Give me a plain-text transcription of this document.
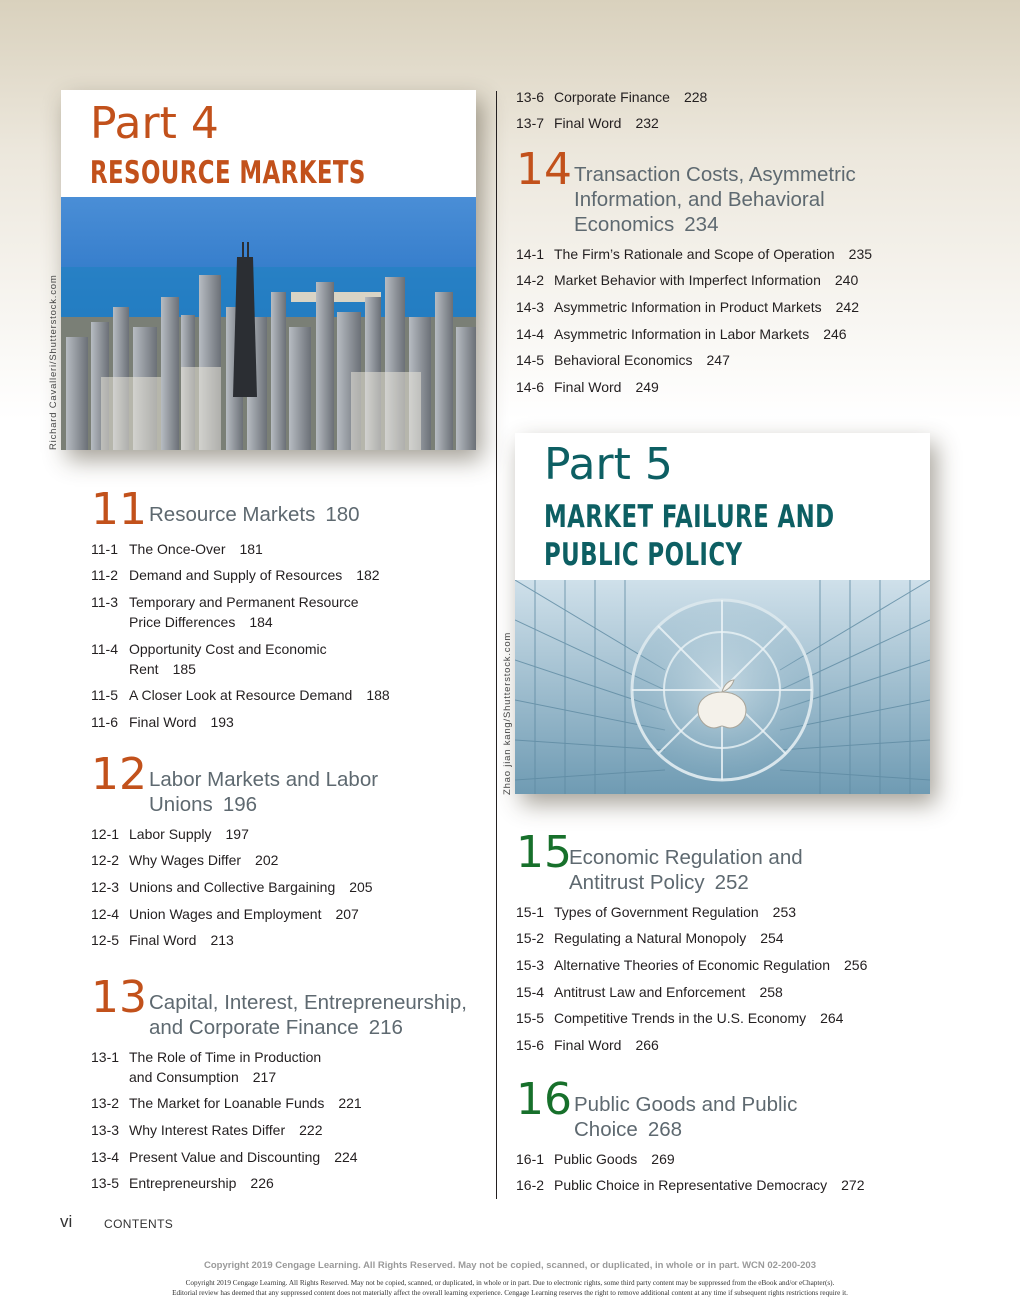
Part 4
RESOURCE MARKETS
Richard Cavalleri/Shutterstock.com
11 Resource Markets 180
11-1 The Once-Over 181
11-2 Demand and Supply of Resources 182
11-3 Temporary and Permanent Resource Price Differences 184
11-4 Opportunity Cost and Economic Rent 185
11-5 A Closer Look at Resource Demand 188
11-6 Final Word 193
12 Labor Markets and Labor Unions 196
12-1 Labor Supply 197
12-2 Why Wages Differ 202
12-3 Unions and Collective Bargaining 205
12-4 Union Wages and Employment 207
12-5 Final Word 213
13 Capital, Interest, Entrepreneurship, and Corporate Finance 216
13-1 The Role of Time in Production and Consumption 217
13-2 The Market for Loanable Funds 221
13-3 Why Interest Rates Differ 222
13-4 Present Value and Discounting 224
13-5 Entrepreneurship 226
13-6 Corporate Finance 228
13-7 Final Word 232
14 Transaction Costs, Asymmetric Information, and Behavioral Economics 234
14-1 The Firm’s Rationale and Scope of Operation 235
14-2 Market Behavior with Imperfect Information 240
14-3 Asymmetric Information in Product Markets 242
14-4 Asymmetric Information in Labor Markets 246
14-5 Behavioral Economics 247
14-6 Final Word 249
Part 5
MARKET FAILURE AND
PUBLIC POLICY
Zhao jian kang/Shutterstock.com
15
Economic Regulation and Antitrust Policy 252
15-1 Types of Government Regulation 253
15-2 Regulating a Natural Monopoly 254
15-3 Alternative Theories of Economic Regulation 256
15-4 Antitrust Law and Enforcement 258
15-5 Competitive Trends in the U.S. Economy 264
15-6 Final Word 266
16 Public Goods and Public Choice 268
16-1 Public Goods 269
16-2 Public Choice in Representative Democracy 272
vi	CONTENTS
Copyright 2019 Cengage Learning. All Rights Reserved. May not be copied, scanned, or duplicated, in whole or in part. WCN 02-200-203
Copyright 2019 Cengage Learning. All Rights Reserved. May not be copied, scanned, or duplicated, in whole or in part. Due to electronic rights, some third party content may be suppressed from the eBook and/or eChapter(s).
Editorial review has deemed that any suppressed content does not materially affect the overall learning experience. Cengage Learning reserves the right to remove additional content at any time if subsequent rights restrictions require it.
